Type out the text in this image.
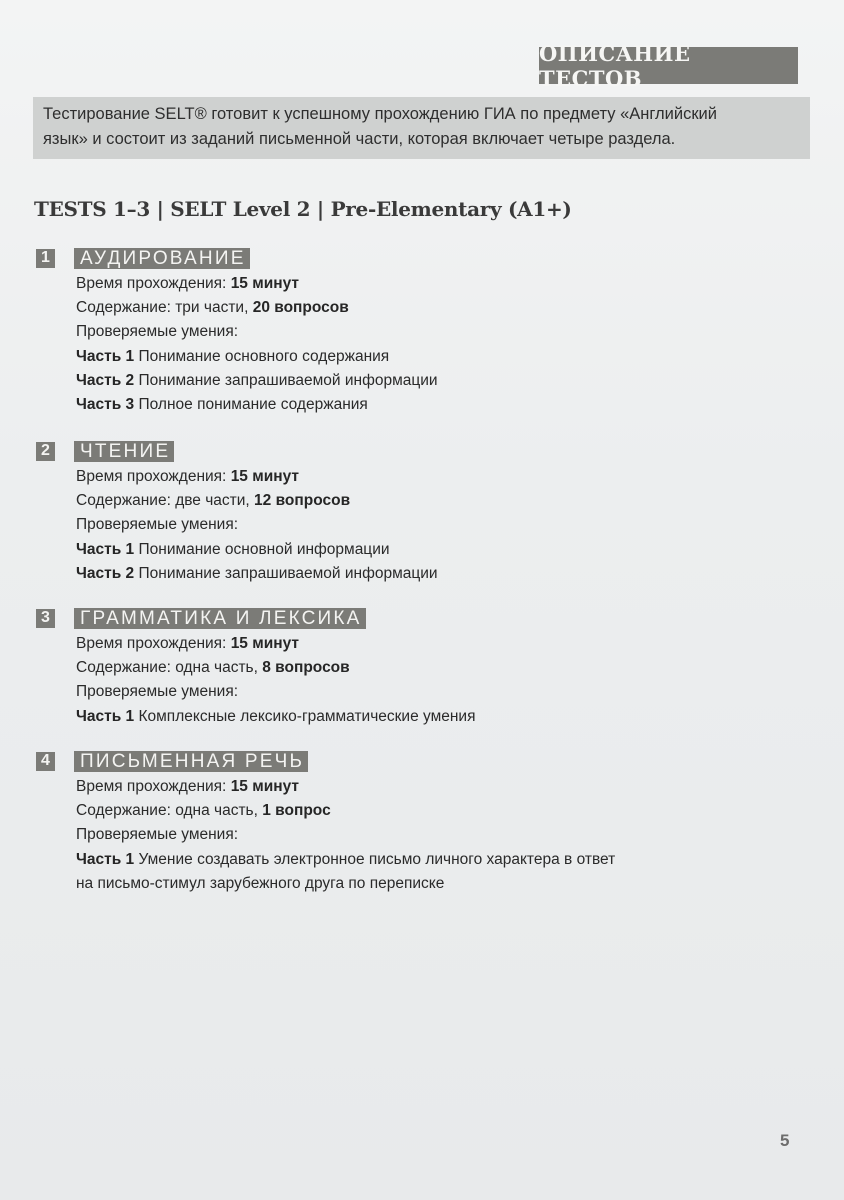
ОПИСАНИЕ ТЕСТОВ
Тестирование SELT® готовит к успешному прохождению ГИА по предмету «Английский
язык» и состоит из заданий письменной части, которая включает четыре раздела.
TESTS 1–3 | SELT Level 2 | Pre-Elementary (A1+)
1	АУДИРОВАНИЕ
Время прохождения: 15 минут
Содержание: три части, 20 вопросов
Проверяемые умения:
Часть 1 Понимание основного содержания
Часть 2 Понимание запрашиваемой информации
Часть 3 Полное понимание содержания
2	ЧТЕНИЕ
Время прохождения: 15 минут
Содержание: две части, 12 вопросов
Проверяемые умения:
Часть 1 Понимание основной информации
Часть 2 Понимание запрашиваемой информации
3	ГРАММАТИКА И ЛЕКСИКА
Время прохождения: 15 минут
Содержание: одна часть, 8 вопросов
Проверяемые умения:
Часть 1 Комплексные лексико-грамматические умения
4	ПИСЬМЕННАЯ РЕЧЬ
Время прохождения: 15 минут
Содержание: одна часть, 1 вопрос
Проверяемые умения:
Часть 1 Умение создавать электронное письмо личного характера в ответ
на письмо-стимул зарубежного друга по переписке
5
